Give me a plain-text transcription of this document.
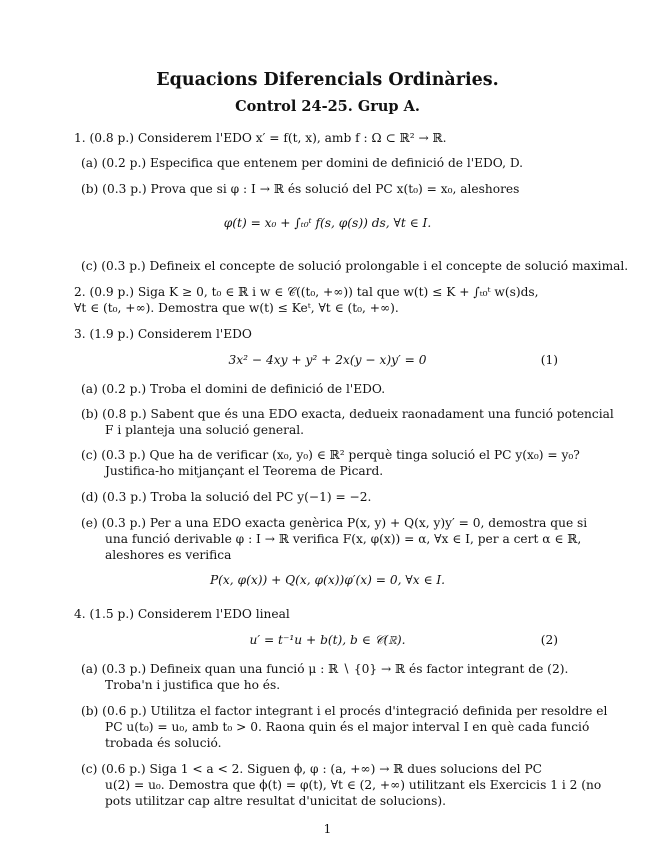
Equacions Diferencials Ordinàries.
Control 24-25. Grup A.
1. (0.8 p.) Considerem l'EDO x′ = f(t, x), amb f : Ω ⊂ ℝ² → ℝ.
(a) (0.2 p.) Especifica que entenem per domini de definició de l'EDO, D.
(b) (0.3 p.) Prova que si φ : I → ℝ és solució del PC x(t₀) = x₀, aleshores
φ(t) = x₀ + ∫ₜ₀ᵗ f(s, φ(s)) ds, ∀t ∈ I.
(c) (0.3 p.) Defineix el concepte de solució prolongable i el concepte de solució maximal.
2. (0.9 p.) Siga K ≥ 0, t₀ ∈ ℝ i w ∈ 𝒞((t₀, +∞)) tal que w(t) ≤ K + ∫ₜ₀ᵗ w(s)ds,
∀t ∈ (t₀, +∞). Demostra que w(t) ≤ Keᵗ, ∀t ∈ (t₀, +∞).
3. (1.9 p.) Considerem l'EDO
3x² − 4xy + y² + 2x(y − x)y′ = 0	(1)
(a) (0.2 p.) Troba el domini de definició de l'EDO.
(b) (0.8 p.) Sabent que és una EDO exacta, dedueix raonadament una funció potencial
F i planteja una solució general.
(c) (0.3 p.) Que ha de verificar (x₀, y₀) ∈ ℝ² perquè tinga solució el PC y(x₀) = y₀?
Justifica-ho mitjançant el Teorema de Picard.
(d) (0.3 p.) Troba la solució del PC y(−1) = −2.
(e) (0.3 p.) Per a una EDO exacta genèrica P(x, y) + Q(x, y)y′ = 0, demostra que si
una funció derivable φ : I → ℝ verifica F(x, φ(x)) = α, ∀x ∈ I, per a cert α ∈ ℝ,
aleshores es verifica
P(x, φ(x)) + Q(x, φ(x))φ′(x) = 0, ∀x ∈ I.
4. (1.5 p.) Considerem l'EDO lineal
u′ = t⁻¹u + b(t), b ∈ 𝒞(ℝ).	(2)
(a) (0.3 p.) Defineix quan una funció μ : ℝ ∖ {0} → ℝ és factor integrant de (2).
Troba'n i justifica que ho és.
(b) (0.6 p.) Utilitza el factor integrant i el procés d'integració definida per resoldre el
PC u(t₀) = u₀, amb t₀ > 0. Raona quin és el major interval I en què cada funció
trobada és solució.
(c) (0.6 p.) Siga 1 < a < 2. Siguen ϕ, φ : (a, +∞) → ℝ dues solucions del PC
u(2) = u₀. Demostra que ϕ(t) = φ(t), ∀t ∈ (2, +∞) utilitzant els Exercicis 1 i 2 (no
pots utilitzar cap altre resultat d'unicitat de solucions).
1
